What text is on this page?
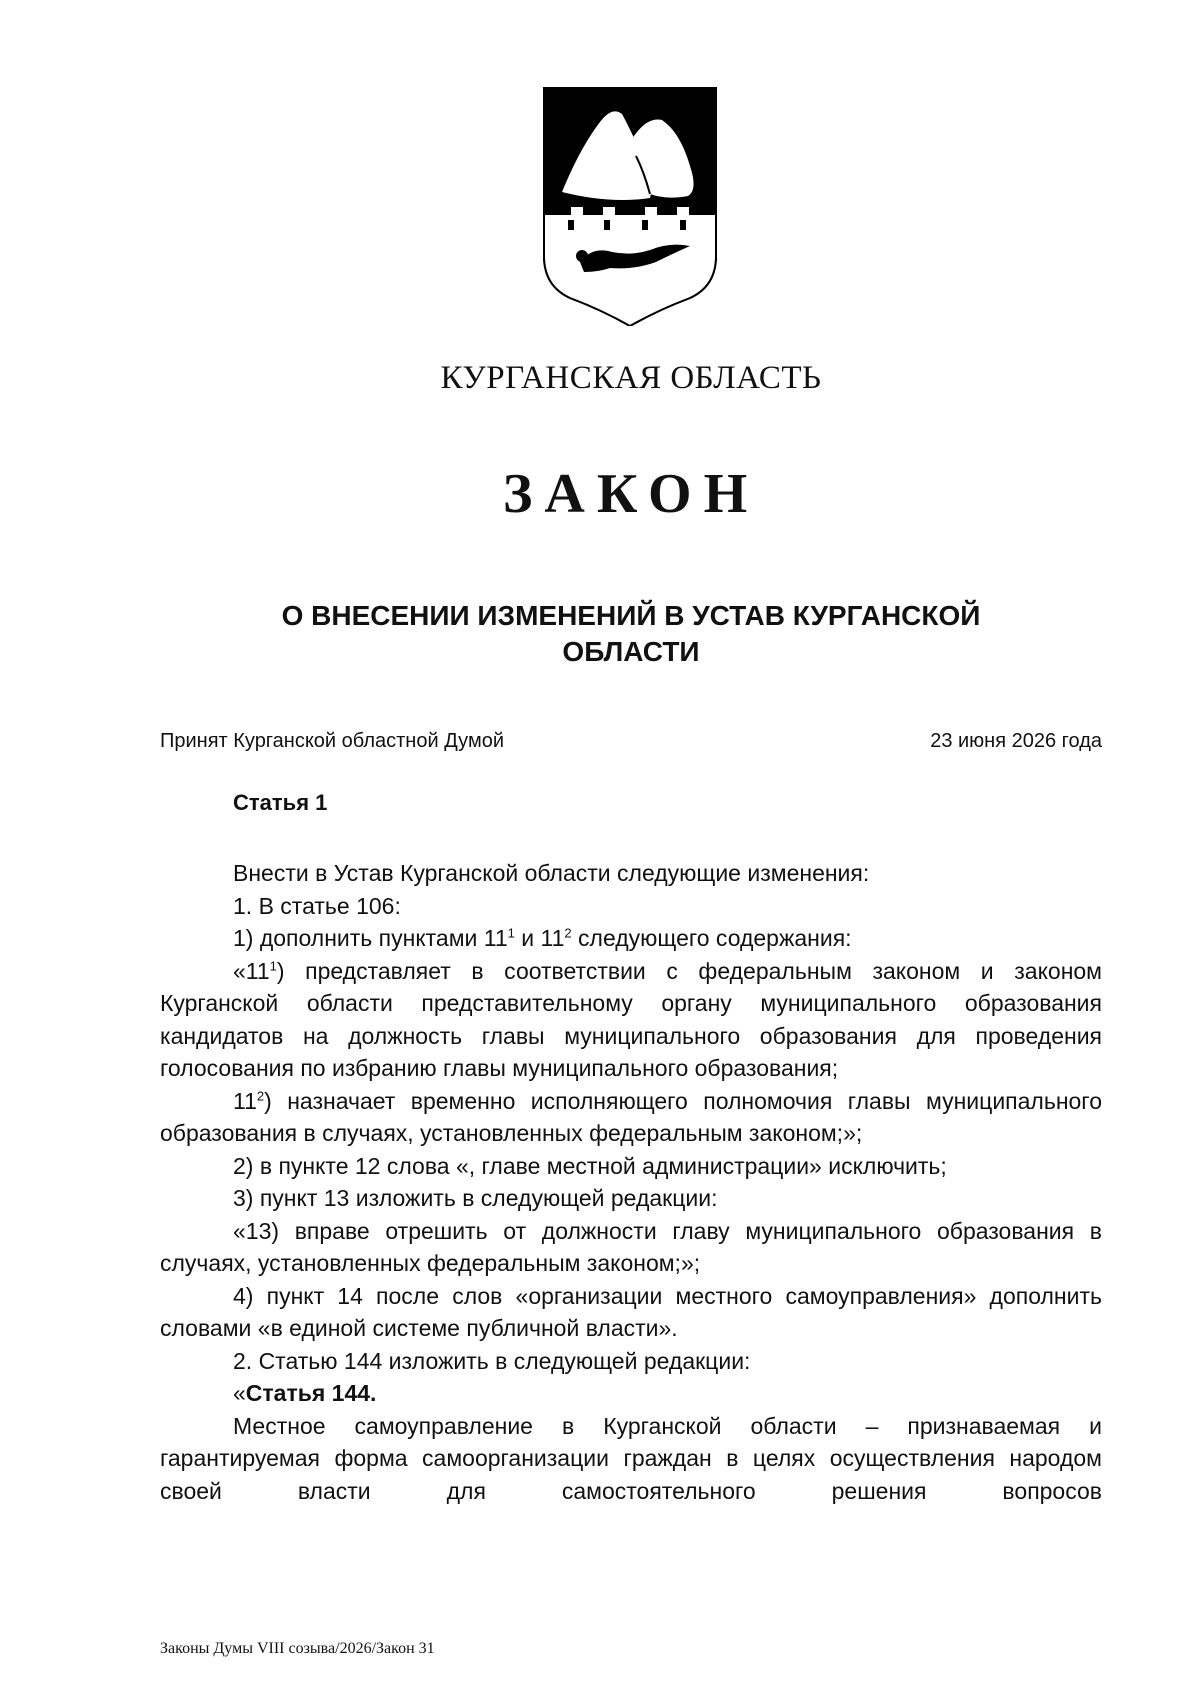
КУРГАНСКАЯ ОБЛАСТЬ
ЗАКОН
О ВНЕСЕНИИ ИЗМЕНЕНИЙ В УСТАВ КУРГАНСКОЙ
ОБЛАСТИ
Принят Курганской областной Думой	23 июня 2026 года
Статья 1

Внести в Устав Курганской области следующие изменения:

1. В статье 106:

1) дополнить пунктами $11^1$ и $11^2$ следующего содержания:

«$11^1$) представляет в соответствии с федеральным законом и законом Курганской области представительному органу муниципального образования кандидатов на должность главы муниципального образования для проведения голосования по избранию главы муниципального образования;

$11^2$) назначает временно исполняющего полномочия главы муниципального образования в случаях, установленных федеральным законом;»;

2) в пункте 12 слова «, главе местной администрации» исключить;

3) пункт 13 изложить в следующей редакции:

«13) вправе отрешить от должности главу муниципального образования в случаях, установленных федеральным законом;»;

4) пункт 14 после слов «организации местного самоуправления» дополнить словами «в единой системе публичной власти».

2. Статью 144 изложить в следующей редакции:

«Статья 144.

Местное самоуправление в Курганской области – признаваемая и гарантируемая форма самоорганизации граждан в целях осуществления народом своей власти для самостоятельного решения вопросов

Законы Думы VIII созыва/2026/Закон 31
